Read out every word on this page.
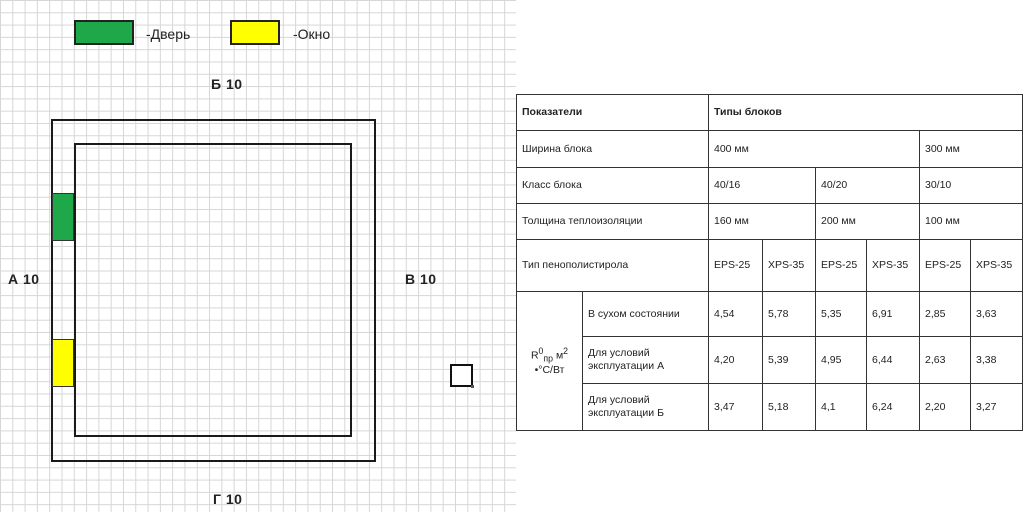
-Дверь	-Окно
Б 10
А 10	В 10
Г 10
Показатели		Типы блоков					
Ширина блока		400 мм				300 мм	
Класс блока		40/16		40/20		30/10	
Толщина теплоизоляции		160 мм		200 мм		100 мм	
Тип пенополистирола		EPS-25	XPS-35	EPS-25	XPS-35	EPS-25	XPS-35
$R^0_{пр}$ $м^2$
•°С/Вт	В сухом состоянии	4,54	5,78	5,35	6,91	2,85	3,63
	Для условий эксплуатации А	4,20	5,39	4,95	6,44	2,63	3,38
	Для условий эксплуатации Б	3,47	5,18	4,1	6,24	2,20	3,27
